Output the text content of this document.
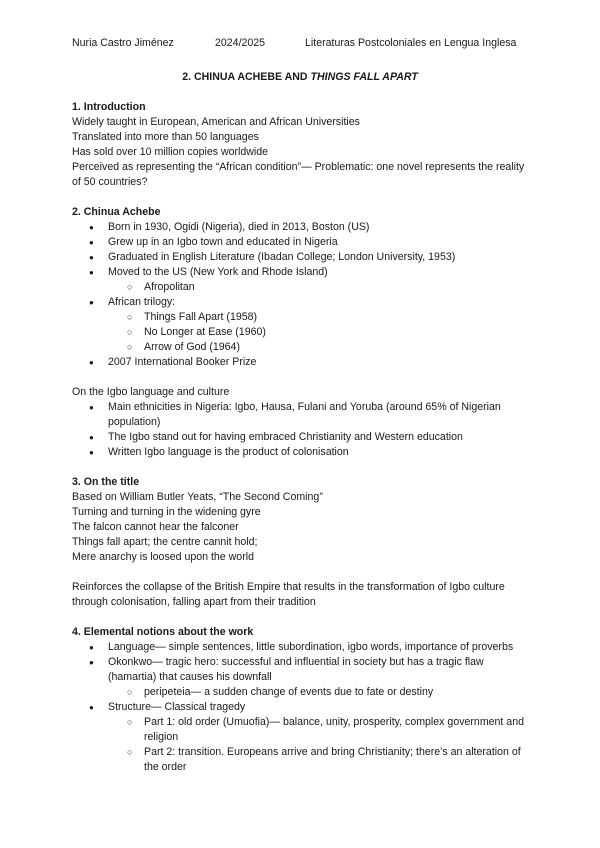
Nuria Castro Jiménez	2024/2025	Literaturas Postcoloniales en Lengua Inglesa
2. CHINUA ACHEBE AND THINGS FALL APART

1. Introduction

Widely taught in European, American and African Universities

Translated into more than 50 languages

Has sold over 10 million copies worldwide

Perceived as representing the “African condition”— Problematic: one novel represents the reality of 50 countries?

2. Chinua Achebe

● Born in 1930, Ogidi (Nigeria), died in 2013, Boston (US)
● Grew up in an Igbo town and educated in Nigeria
● Graduated in English Literature (Ibadan College; London University, 1953)
● Moved to the US (New York and Rhode Island)
○ Afropolitan
● African trilogy:
○ Things Fall Apart (1958)
○ No Longer at Ease (1960)
○ Arrow of God (1964)
● 2007 International Booker Prize

On the Igbo language and culture

● Main ethnicities in Nigeria: Igbo, Hausa, Fulani and Yoruba (around 65% of Nigerian population)
● The Igbo stand out for having embraced Christianity and Western education
● Written Igbo language is the product of colonisation

3. On the title

Based on William Butler Yeats, “The Second Coming”

Turning and turning in the widening gyre

The falcon cannot hear the falconer

Things fall apart; the centre cannit hold;

Mere anarchy is loosed upon the world

Reinforces the collapse of the British Empire that results in the transformation of Igbo culture through colonisation, falling apart from their tradition

4. Elemental notions about the work

● Language— simple sentences, little subordination, igbo words, importance of proverbs
● Okonkwo— tragic hero: successful and influential in society but has a tragic flaw (hamartia) that causes his downfall
○ peripeteia— a sudden change of events due to fate or destiny
● Structure— Classical tragedy
○ Part 1: old order (Umuofia)— balance, unity, prosperity, complex government and religion
○ Part 2: transition. Europeans arrive and bring Christianity; there’s an alteration of the order
